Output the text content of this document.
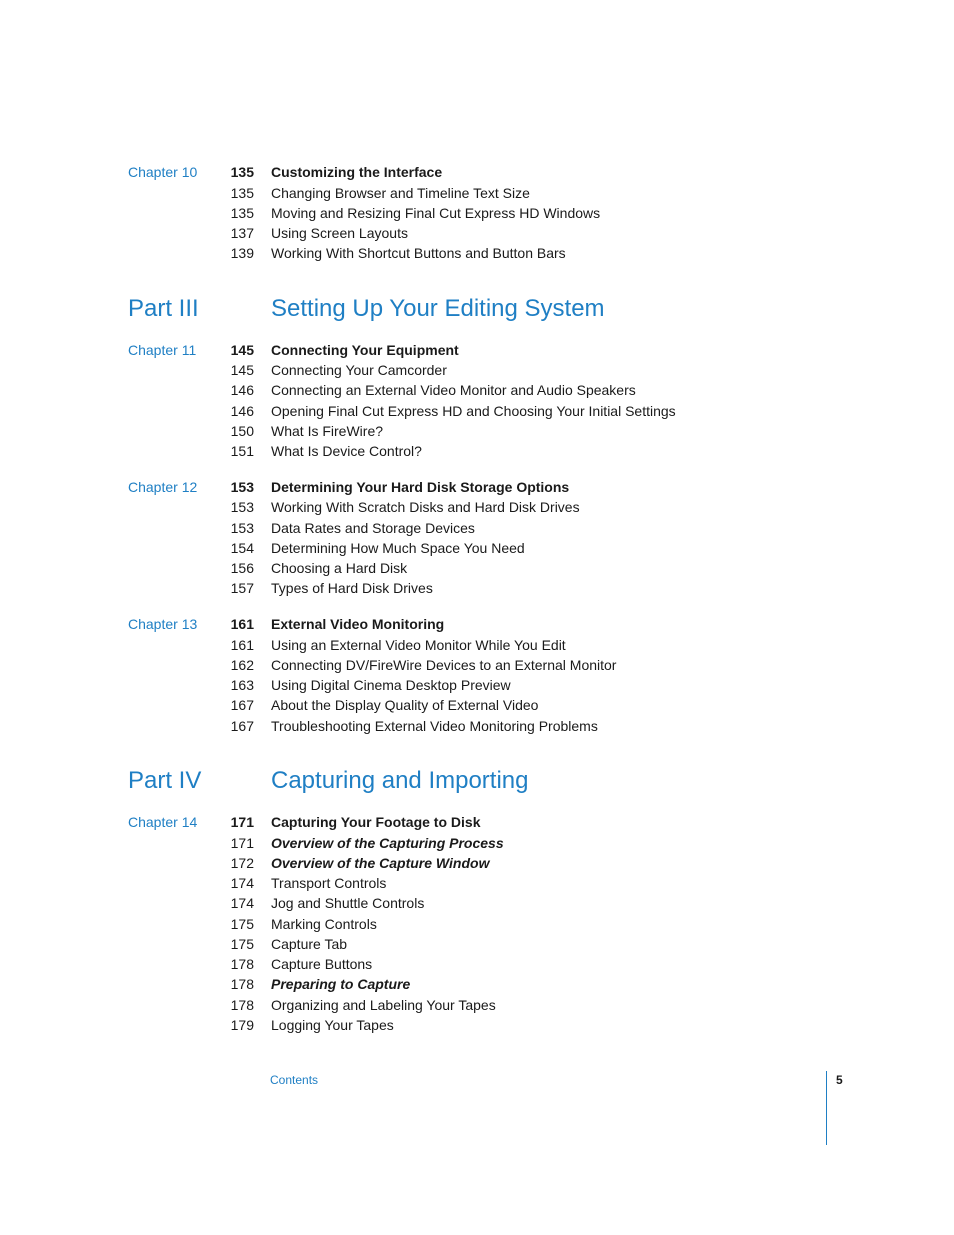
Chapter 10	135 Customizing the Interface
135 Changing Browser and Timeline Text Size
135 Moving and Resizing Final Cut Express HD Windows
137 Using Screen Layouts
139 Working With Shortcut Buttons and Button Bars
Part III	Setting Up Your Editing System
Chapter 11	145 Connecting Your Equipment
145 Connecting Your Camcorder
146 Connecting an External Video Monitor and Audio Speakers
146 Opening Final Cut Express HD and Choosing Your Initial Settings
150 What Is FireWire?
151 What Is Device Control?
Chapter 12	153 Determining Your Hard Disk Storage Options
153 Working With Scratch Disks and Hard Disk Drives
153 Data Rates and Storage Devices
154 Determining How Much Space You Need
156 Choosing a Hard Disk
157 Types of Hard Disk Drives
Chapter 13	161 External Video Monitoring
161 Using an External Video Monitor While You Edit
162 Connecting DV/FireWire Devices to an External Monitor
163 Using Digital Cinema Desktop Preview
167 About the Display Quality of External Video
167 Troubleshooting External Video Monitoring Problems
Part IV	Capturing and Importing
Chapter 14	171 Capturing Your Footage to Disk
171 Overview of the Capturing Process
172 Overview of the Capture Window
174 Transport Controls
174 Jog and Shuttle Controls
175 Marking Controls
175 Capture Tab
178 Capture Buttons
178 Preparing to Capture
178 Organizing and Labeling Your Tapes
179 Logging Your Tapes
Contents	5
